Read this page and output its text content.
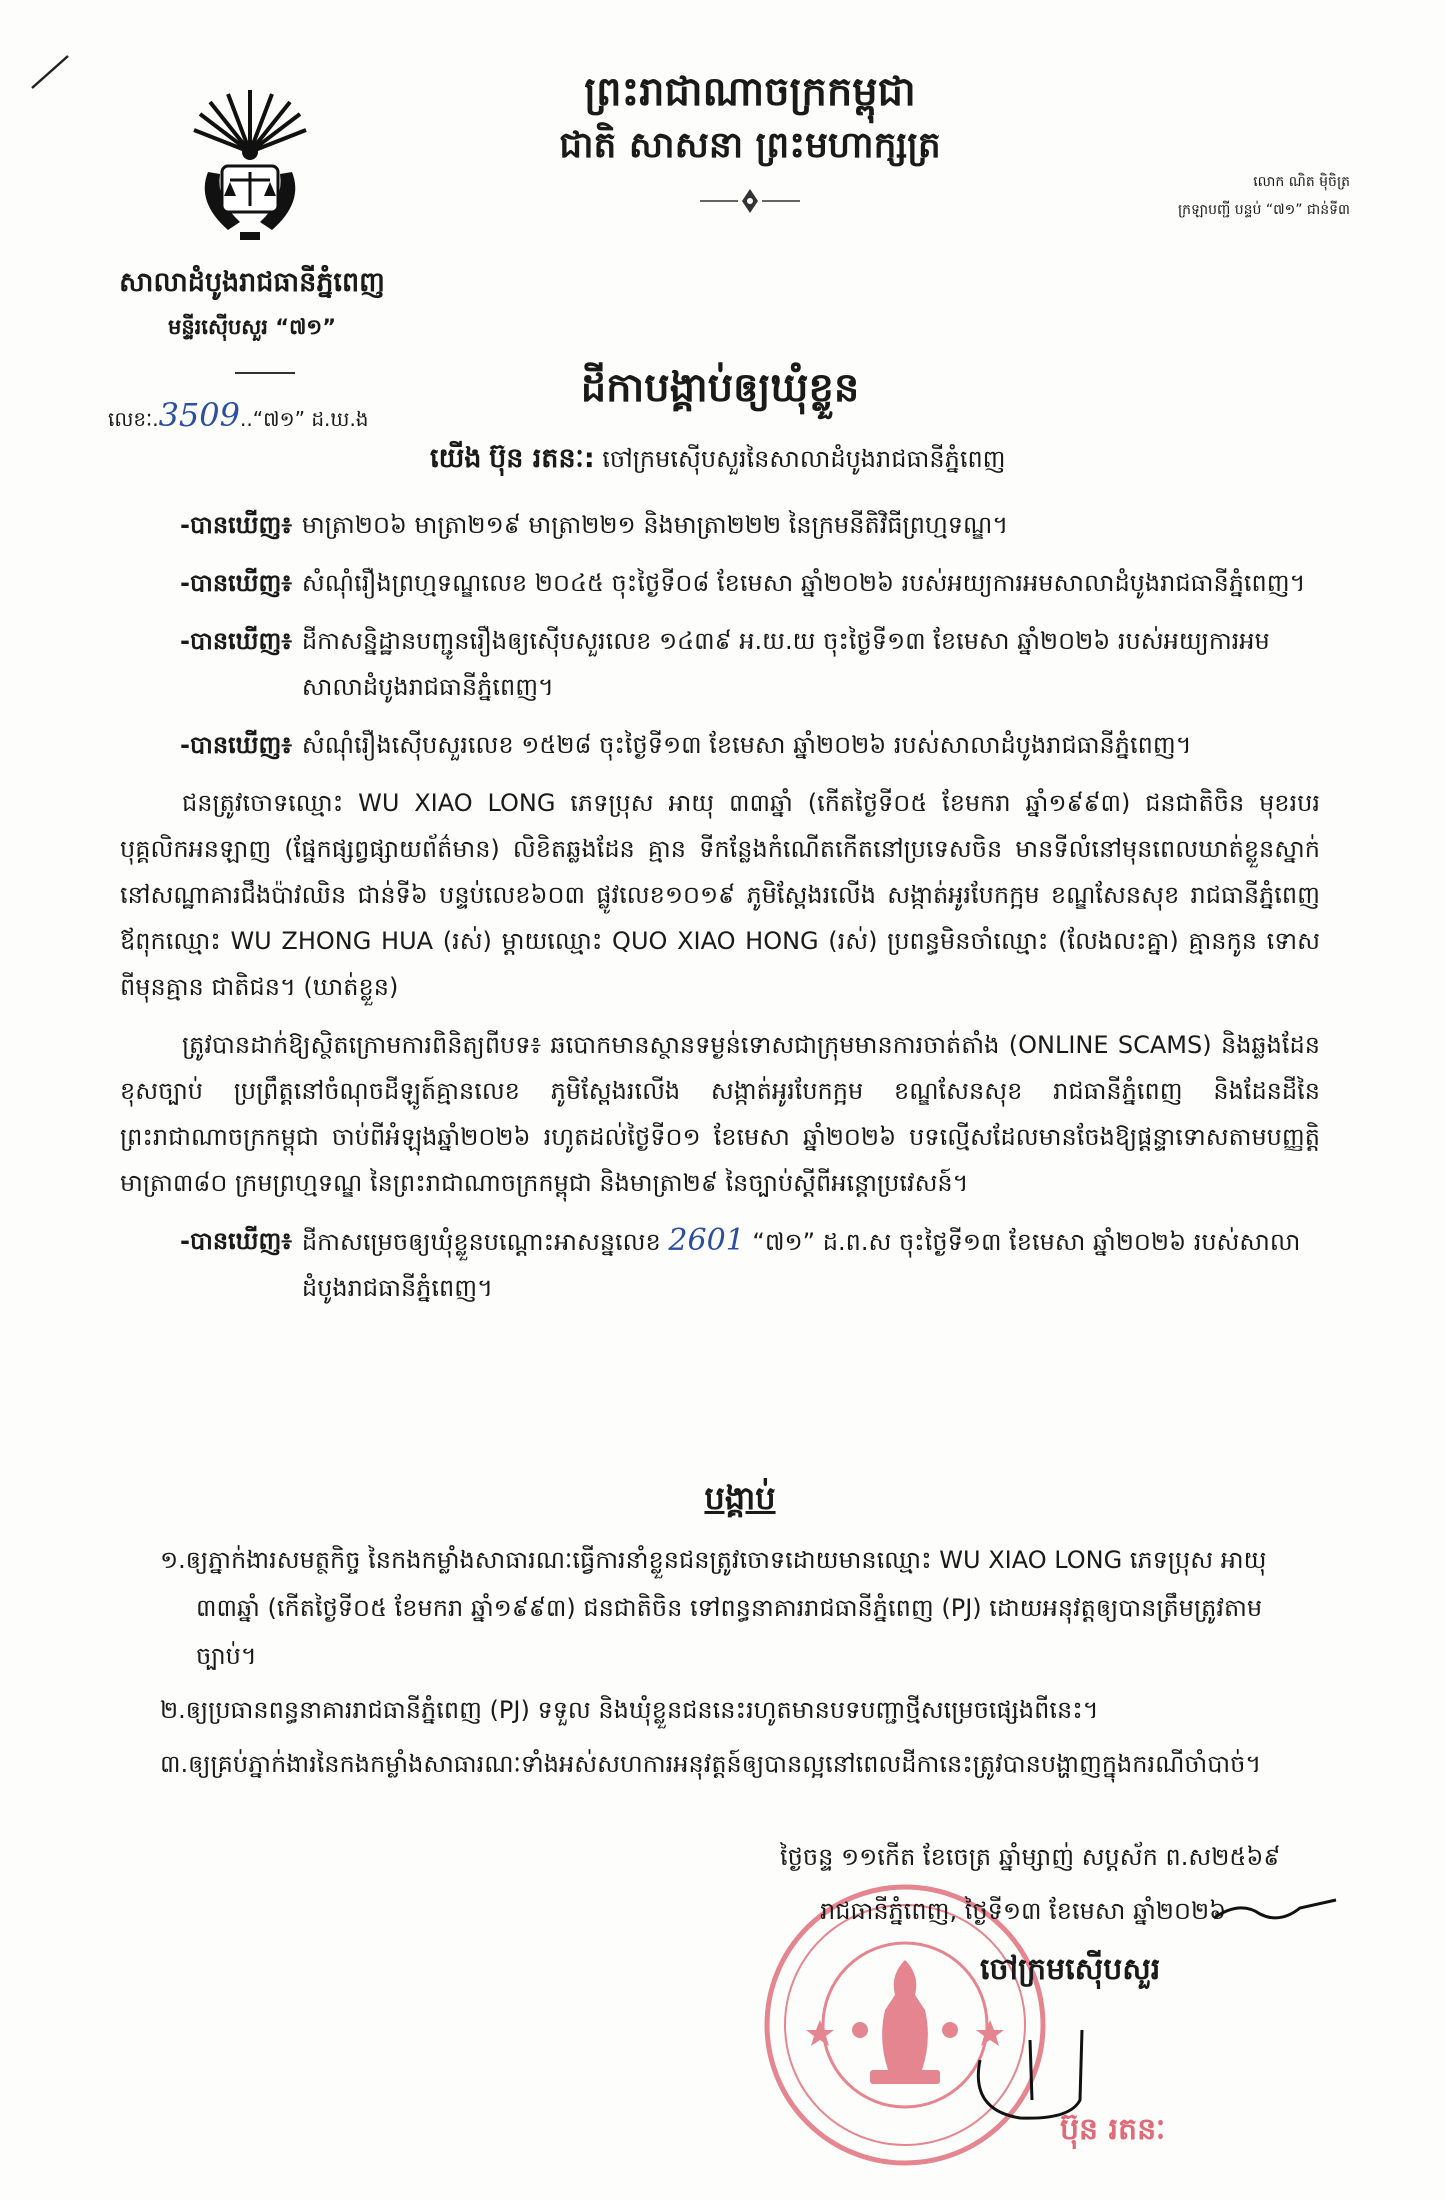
សាលាដំបូងរាជធានីភ្នំពេញ
មន្ទីរស៊ើបសួរ “៧១”
លេខៈ.3509..“៧១” ដ.ឃ.ង
ព្រះរាជាណាចក្រកម្ពុជា
ជាតិ សាសនា ព្រះមហាក្សត្រ
លោក ណិត ម៉ិចិត្រ
ក្រឡាបញ្ជី បន្ទប់ “៧១” ជាន់ទី៣
ដីកាបង្គាប់ឲ្យឃុំខ្លួន
យើង ប៊ុន រតនៈ: ចៅក្រមស៊ើបសួរនៃសាលាដំបូងរាជធានីភ្នំពេញ

-បានឃើញ៖ មាត្រា២០៦ មាត្រា២១៩ មាត្រា២២១ និងមាត្រា២២២ នៃក្រមនីតិវិធីព្រហ្មទណ្ឌ។

-បានឃើញ៖ សំណុំរឿងព្រហ្មទណ្ឌលេខ ២០៤៥ ចុះថ្ងៃទី០៨ ខែមេសា ឆ្នាំ២០២៦ របស់អយ្យការអមសាលាដំបូងរាជធានីភ្នំពេញ។

-បានឃើញ៖ ដីកាសន្និដ្ឋានបញ្ជូនរឿងឲ្យស៊ើបសួរលេខ ១៤៣៩ អ.យ.យ ចុះថ្ងៃទី១៣ ខែមេសា ឆ្នាំ២០២៦ របស់អយ្យការអមសាលាដំបូងរាជធានីភ្នំពេញ។

-បានឃើញ៖ សំណុំរឿងស៊ើបសួរលេខ ១៥២៨ ចុះថ្ងៃទី១៣ ខែមេសា ឆ្នាំ២០២៦ របស់សាលាដំបូងរាជធានីភ្នំពេញ។

ជនត្រូវចោទឈ្មោះ WU XIAO LONG ភេទប្រុស អាយុ ៣៣ឆ្នាំ (កើតថ្ងៃទី០៥ ខែមករា ឆ្នាំ១៩៩៣) ជនជាតិចិន មុខរបរ បុគ្គលិកអនឡាញ (ផ្នែកផ្សព្វផ្សាយព័ត៌មាន) លិខិតឆ្លងដែន គ្មាន ទីកន្លែងកំណើតកើតនៅប្រទេសចិន មានទីលំនៅមុនពេលឃាត់ខ្លួនស្នាក់នៅសណ្ឋាគារជឹងប៉ាវឈិន ជាន់ទី៦ បន្ទប់លេខ៦០៣ ផ្លូវលេខ១០១៩ ភូមិស្ពែងរលើង សង្កាត់អូរបែកក្អម ខណ្ឌសែនសុខ រាជធានីភ្នំពេញ ឪពុកឈ្មោះ WU ZHONG HUA (រស់) ម្ដាយឈ្មោះ QUO XIAO HONG (រស់) ប្រពន្ធមិនចាំឈ្មោះ (លែងលះគ្នា) គ្មានកូន ទោសពីមុនគ្មាន ជាតិជន។ (ឃាត់ខ្លួន)

ត្រូវបានដាក់ឱ្យស្ថិតក្រោមការពិនិត្យពីបទ៖ ឆបោកមានស្ថានទម្ងន់ទោសជាក្រុមមានការចាត់តាំង (ONLINE SCAMS) និងឆ្លងដែនខុសច្បាប់ ប្រព្រឹត្តនៅចំណុចដីឡូត៍គ្មានលេខ ភូមិស្ពែងរលើង សង្កាត់អូរបែកក្អម ខណ្ឌសែនសុខ រាជធានីភ្នំពេញ និងដែនដីនៃព្រះរាជាណាចក្រកម្ពុជា ចាប់ពីអំឡុងឆ្នាំ២០២៦ រហូតដល់ថ្ងៃទី០១ ខែមេសា ឆ្នាំ២០២៦ បទល្មើសដែលមានចែងឱ្យផ្តន្ទាទោសតាមបញ្ញត្តិមាត្រា៣៨០ ក្រមព្រហ្មទណ្ឌ នៃព្រះរាជាណាចក្រកម្ពុជា និងមាត្រា២៩ នៃច្បាប់ស្តីពីអន្តោប្រវេសន៍។

-បានឃើញ៖ ដីកាសម្រេចឲ្យឃុំខ្លួនបណ្ដោះអាសន្នលេខ 2601 “៧១” ដ.ព.ស ចុះថ្ងៃទី១៣ ខែមេសា ឆ្នាំ២០២៦ របស់សាលាដំបូងរាជធានីភ្នំពេញ។

បង្គាប់

១.ឲ្យភ្នាក់ងារសមត្ថកិច្ច នៃកងកម្លាំងសាធារណៈធ្វើការនាំខ្លួនជនត្រូវចោទដោយមានឈ្មោះ WU XIAO LONG ភេទប្រុស អាយុ ៣៣ឆ្នាំ (កើតថ្ងៃទី០៥ ខែមករា ឆ្នាំ១៩៩៣) ជនជាតិចិន ទៅពន្ធនាគាររាជធានីភ្នំពេញ (PJ) ដោយអនុវត្តឲ្យបានត្រឹមត្រូវតាមច្បាប់។

២.ឲ្យប្រធានពន្ធនាគាររាជធានីភ្នំពេញ (PJ) ទទួល និងឃុំខ្លួនជននេះរហូតមានបទបញ្ជាថ្មីសម្រេចផ្សេងពីនេះ។

៣.ឲ្យគ្រប់ភ្នាក់ងារនៃកងកម្លាំងសាធារណៈទាំងអស់សហការអនុវត្តន៍ឲ្យបានល្អនៅពេលដីកានេះត្រូវបានបង្ហាញក្នុងករណីចាំបាច់។

ថ្ងៃចន្ទ ១១កើត ខែចេត្រ ឆ្នាំម្សាញ់ សប្តស័ក ព.ស២៥៦៩
រាជធានីភ្នំពេញ, ថ្ងៃទី១៣ ខែមេសា ឆ្នាំ២០២៦
ចៅក្រមស៊ើបសួរ
ប៊ុន រតនៈ
